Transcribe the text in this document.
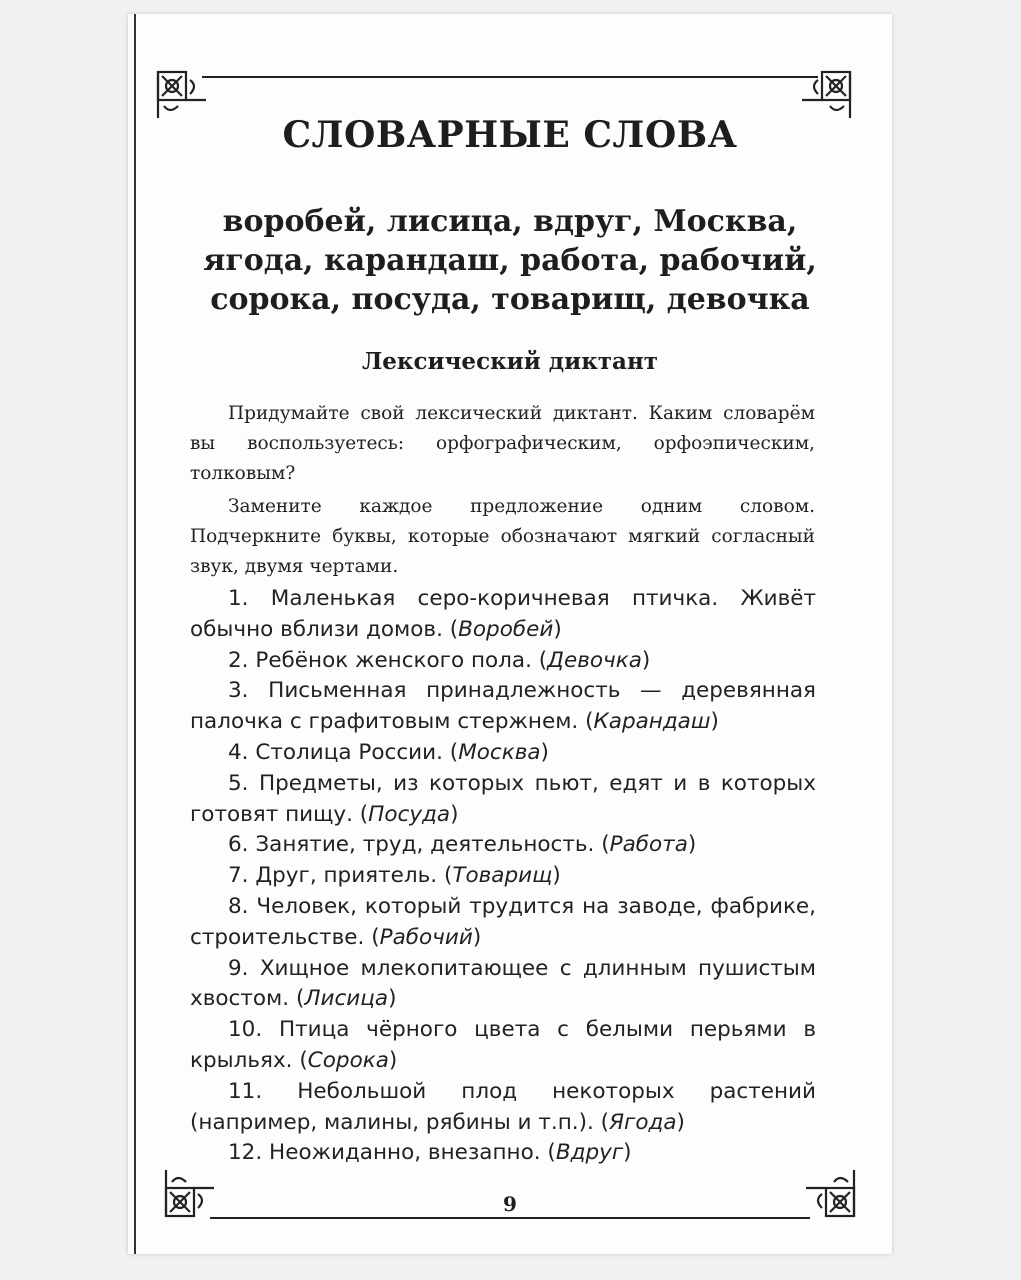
СЛОВАРНЫЕ СЛОВА
воробей, лисица, вдруг, Москва,
ягода, карандаш, работа, рабочий,
сорока, посуда, товарищ, девочка
Лексический диктант
Придумайте свой лексический диктант. Каким словарём вы воспользуетесь: орфографическим, орфоэпическим, толковым?
Замените каждое предложение одним словом. Подчеркните буквы, которые обозначают мягкий согласный звук, двумя чертами.
1. Маленькая серо-коричневая птичка. Живёт обычно вблизи домов. (Воробей)
2. Ребёнок женского пола. (Девочка)
3. Письменная принадлежность — деревянная палочка с графитовым стержнем. (Карандаш)
4. Столица России. (Москва)
5. Предметы, из которых пьют, едят и в которых готовят пищу. (Посуда)
6. Занятие, труд, деятельность. (Работа)
7. Друг, приятель. (Товарищ)
8. Человек, который трудится на заводе, фабрике, строительстве. (Рабочий)
9. Хищное млекопитающее с длинным пушистым хвостом. (Лисица)
10. Птица чёрного цвета с белыми перьями в крыльях. (Сорока)
11. Небольшой плод некоторых растений (например, малины, рябины и т.п.). (Ягода)
12. Неожиданно, внезапно. (Вдруг)
9
